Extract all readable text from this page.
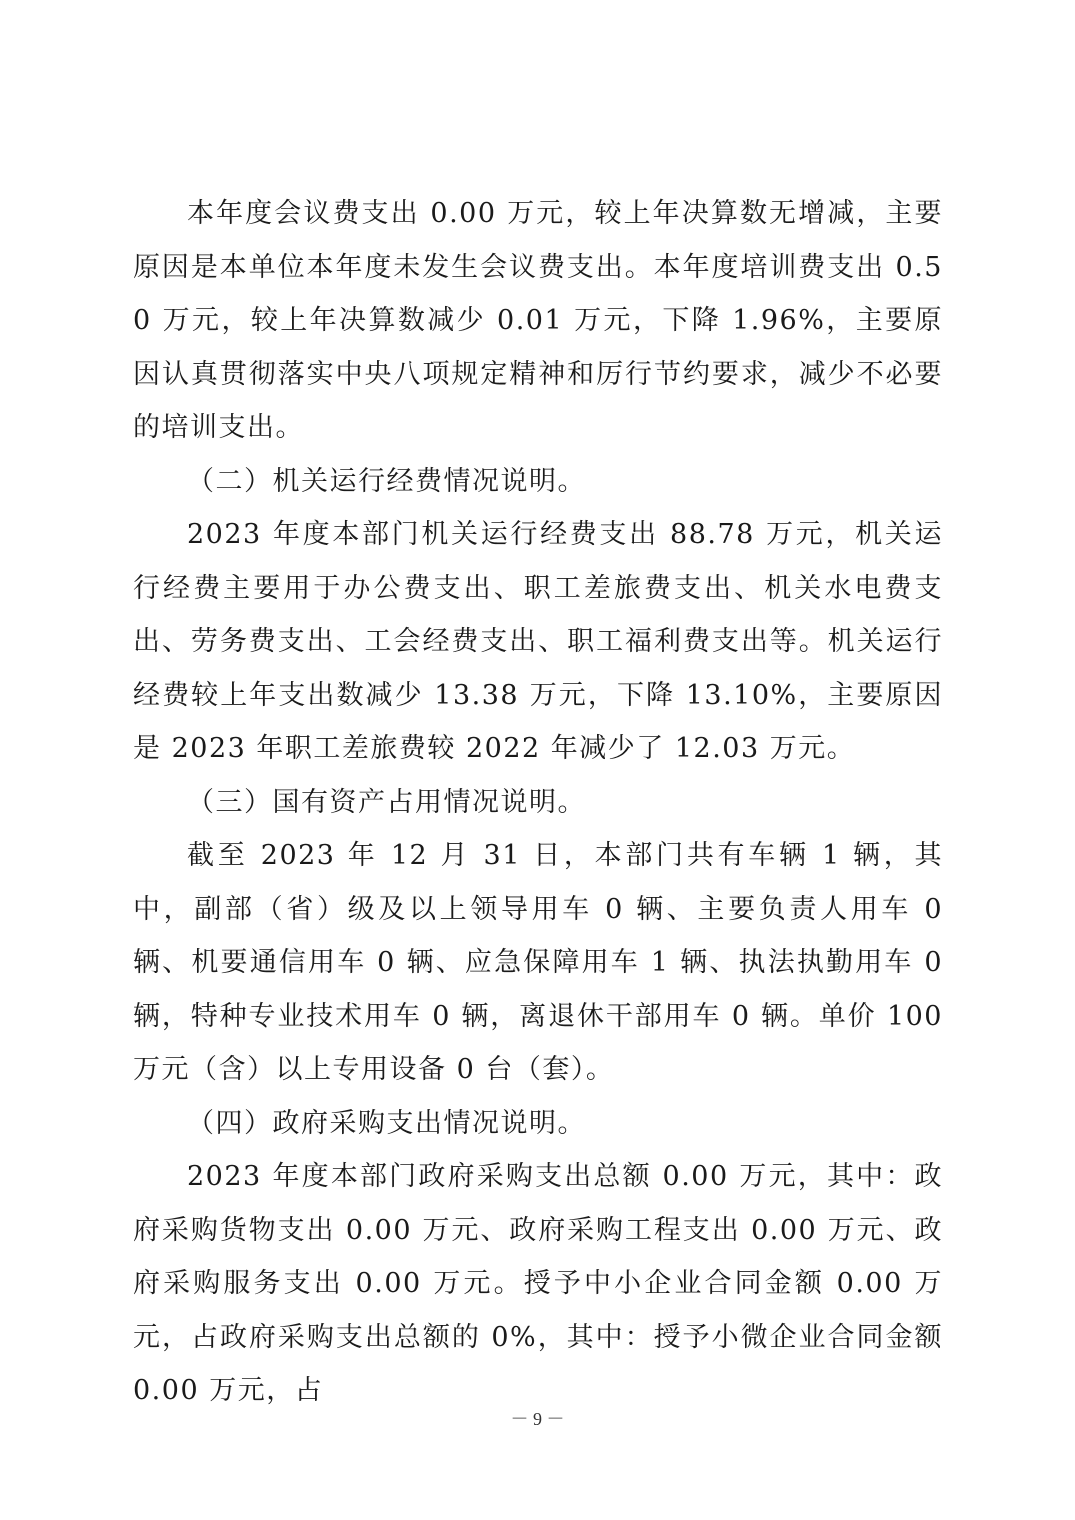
本年度会议费支出 0.00 万元，较上年决算数无增减，主要原因是本单位本年度未发生会议费支出。本年度培训费支出 0.50 万元，较上年决算数减少 0.01 万元，下降 1.96%，主要原因认真贯彻落实中央八项规定精神和厉行节约要求，减少不必要的培训支出。

（二）机关运行经费情况说明。

2023 年度本部门机关运行经费支出 88.78 万元，机关运行经费主要用于办公费支出、职工差旅费支出、机关水电费支出、劳务费支出、工会经费支出、职工福利费支出等。机关运行经费较上年支出数减少 13.38 万元，下降 13.10%，主要原因是 2023 年职工差旅费较 2022 年减少了 12.03 万元。

（三）国有资产占用情况说明。

截至 2023 年 12 月 31 日，本部门共有车辆 1 辆，其中，副部（省）级及以上领导用车 0 辆、主要负责人用车 0 辆、机要通信用车 0 辆、应急保障用车 1 辆、执法执勤用车 0 辆，特种专业技术用车 0 辆，离退休干部用车 0 辆。单价 100 万元（含）以上专用设备 0 台（套）。

（四）政府采购支出情况说明。

2023 年度本部门政府采购支出总额 0.00 万元，其中：政府采购货物支出 0.00 万元、政府采购工程支出 0.00 万元、政府采购服务支出 0.00 万元。授予中小企业合同金额 0.00 万元，占政府采购支出总额的 0%，其中：授予小微企业合同金额 0.00 万元，占

－ 9 －
